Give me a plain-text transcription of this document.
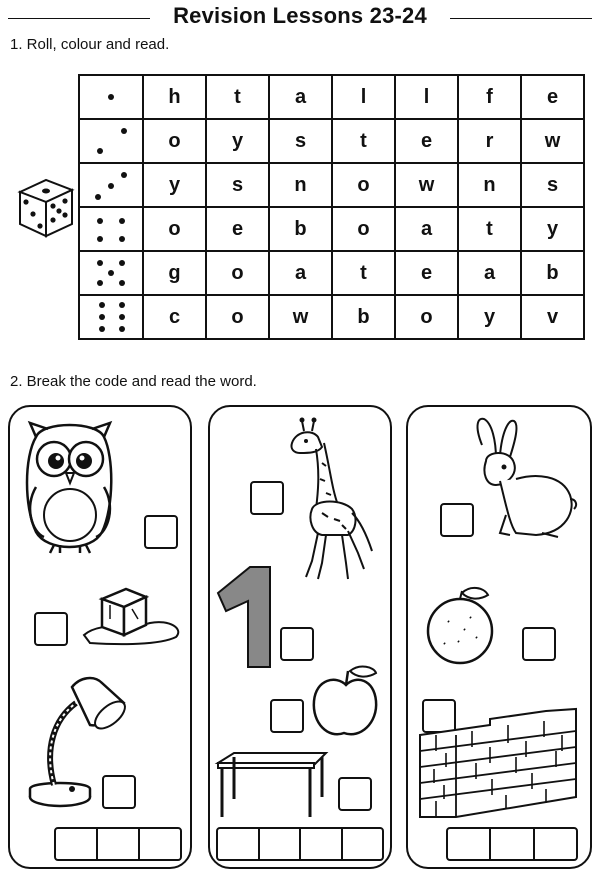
Revision Lessons 23-24
1. Roll, colour and read.
	h	t	a	l	l	f	e

	o	y	s	t	e	r	w

	y	s	n	o	w	n	s

	o	e	b	o	a	t	y

	g	o	a	t	e	a	b

	c	o	w	b	o	y	v
2. Break the code and read the word.
